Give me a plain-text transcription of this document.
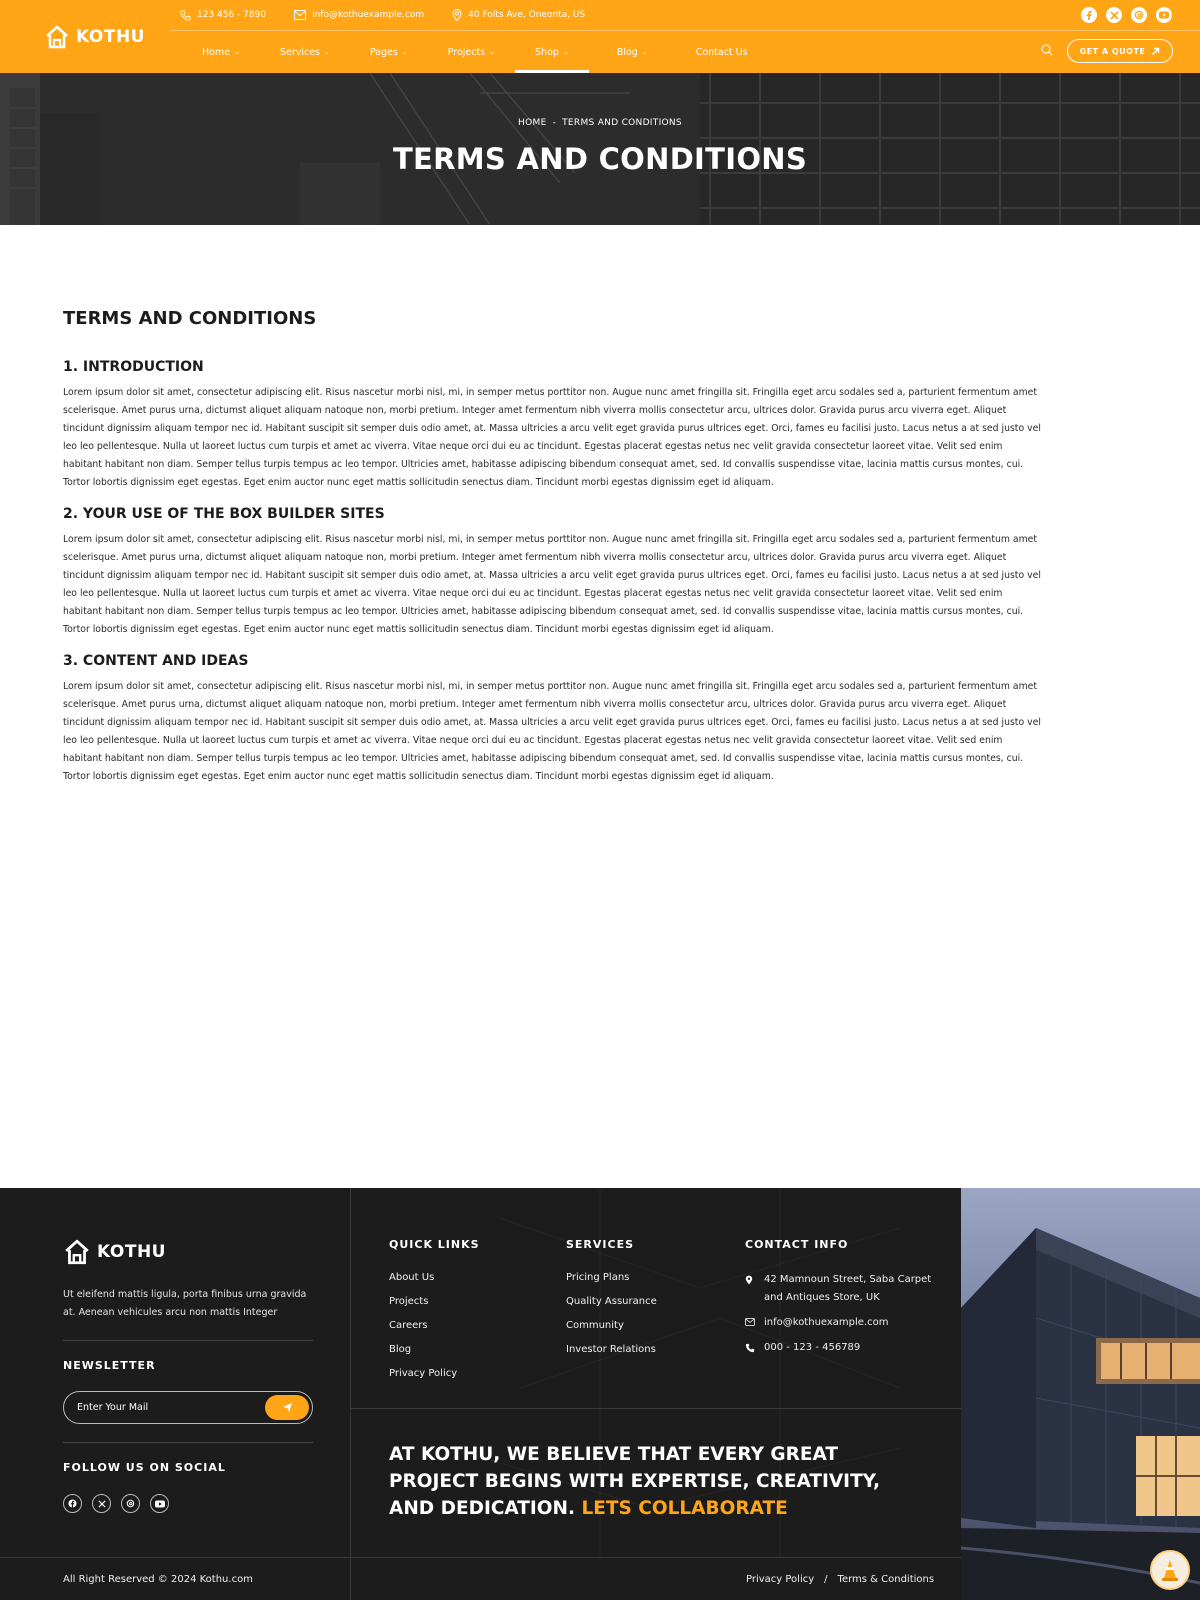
KOTHU
123 456 - 7890	info@kothuexample.com	40 Folts Ave, Oneonta, US
Home ⌄	Services ⌄	Pages ⌄	Projects ⌄	Shop ⌄	Blog ⌄	Contact Us	GET A QUOTE
HOME - TERMS AND CONDITIONS
TERMS AND CONDITIONS
TERMS AND CONDITIONS
1. INTRODUCTION

Lorem ipsum dolor sit amet, consectetur adipiscing elit. Risus nascetur morbi nisl, mi, in semper metus porttitor non. Augue nunc amet fringilla sit. Fringilla eget arcu sodales sed a, parturient fermentum amet scelerisque. Amet purus urna, dictumst aliquet aliquam natoque non, morbi pretium. Integer amet fermentum nibh viverra mollis consectetur arcu, ultrices dolor. Gravida purus arcu viverra eget. Aliquet tincidunt dignissim aliquam tempor nec id. Habitant suscipit sit semper duis odio amet, at. Massa ultricies a arcu velit eget gravida purus ultrices eget. Orci, fames eu facilisi justo. Lacus netus a at sed justo vel leo leo pellentesque. Nulla ut laoreet luctus cum turpis et amet ac viverra. Vitae neque orci dui eu ac tincidunt. Egestas placerat egestas netus nec velit gravida consectetur laoreet vitae. Velit sed enim habitant habitant non diam. Semper tellus turpis tempus ac leo tempor. Ultricies amet, habitasse adipiscing bibendum consequat amet, sed. Id convallis suspendisse vitae, lacinia mattis cursus montes, cui. Tortor lobortis dignissim eget egestas. Eget enim auctor nunc eget mattis sollicitudin senectus diam. Tincidunt morbi egestas dignissim eget id aliquam.

2. YOUR USE OF THE BOX BUILDER SITES

Lorem ipsum dolor sit amet, consectetur adipiscing elit. Risus nascetur morbi nisl, mi, in semper metus porttitor non. Augue nunc amet fringilla sit. Fringilla eget arcu sodales sed a, parturient fermentum amet scelerisque. Amet purus urna, dictumst aliquet aliquam natoque non, morbi pretium. Integer amet fermentum nibh viverra mollis consectetur arcu, ultrices dolor. Gravida purus arcu viverra eget. Aliquet tincidunt dignissim aliquam tempor nec id. Habitant suscipit sit semper duis odio amet, at. Massa ultricies a arcu velit eget gravida purus ultrices eget. Orci, fames eu facilisi justo. Lacus netus a at sed justo vel leo leo pellentesque. Nulla ut laoreet luctus cum turpis et amet ac viverra. Vitae neque orci dui eu ac tincidunt. Egestas placerat egestas netus nec velit gravida consectetur laoreet vitae. Velit sed enim habitant habitant non diam. Semper tellus turpis tempus ac leo tempor. Ultricies amet, habitasse adipiscing bibendum consequat amet, sed. Id convallis suspendisse vitae, lacinia mattis cursus montes, cui. Tortor lobortis dignissim eget egestas. Eget enim auctor nunc eget mattis sollicitudin senectus diam. Tincidunt morbi egestas dignissim eget id aliquam.

3. CONTENT AND IDEAS

Lorem ipsum dolor sit amet, consectetur adipiscing elit. Risus nascetur morbi nisl, mi, in semper metus porttitor non. Augue nunc amet fringilla sit. Fringilla eget arcu sodales sed a, parturient fermentum amet scelerisque. Amet purus urna, dictumst aliquet aliquam natoque non, morbi pretium. Integer amet fermentum nibh viverra mollis consectetur arcu, ultrices dolor. Gravida purus arcu viverra eget. Aliquet tincidunt dignissim aliquam tempor nec id. Habitant suscipit sit semper duis odio amet, at. Massa ultricies a arcu velit eget gravida purus ultrices eget. Orci, fames eu facilisi justo. Lacus netus a at sed justo vel leo leo pellentesque. Nulla ut laoreet luctus cum turpis et amet ac viverra. Vitae neque orci dui eu ac tincidunt. Egestas placerat egestas netus nec velit gravida consectetur laoreet vitae. Velit sed enim habitant habitant non diam. Semper tellus turpis tempus ac leo tempor. Ultricies amet, habitasse adipiscing bibendum consequat amet, sed. Id convallis suspendisse vitae, lacinia mattis cursus montes, cui. Tortor lobortis dignissim eget egestas. Eget enim auctor nunc eget mattis sollicitudin senectus diam. Tincidunt morbi egestas dignissim eget id aliquam.

KOTHU

Ut eleifend mattis ligula, porta finibus urna gravida at. Aenean vehicules arcu non mattis Integer

NEWSLETTER
Enter Your Mail
FOLLOW US ON SOCIAL
QUICK LINKS
About Us
Projects
Careers
Blog
Privacy Policy
SERVICES
Pricing Plans
Quality Assurance
Community
Investor Relations
CONTACT INFO
42 Mamnoun Street, Saba Carpet and Antiques Store, UK
info@kothuexample.com
000 - 123 - 456789
AT KOTHU, WE BELIEVE THAT EVERY GREAT PROJECT BEGINS WITH EXPERTISE, CREATIVITY, AND DEDICATION. LETS COLLABORATE
All Right Reserved © 2024 Kothu.com	Privacy Policy / Terms & Conditions
